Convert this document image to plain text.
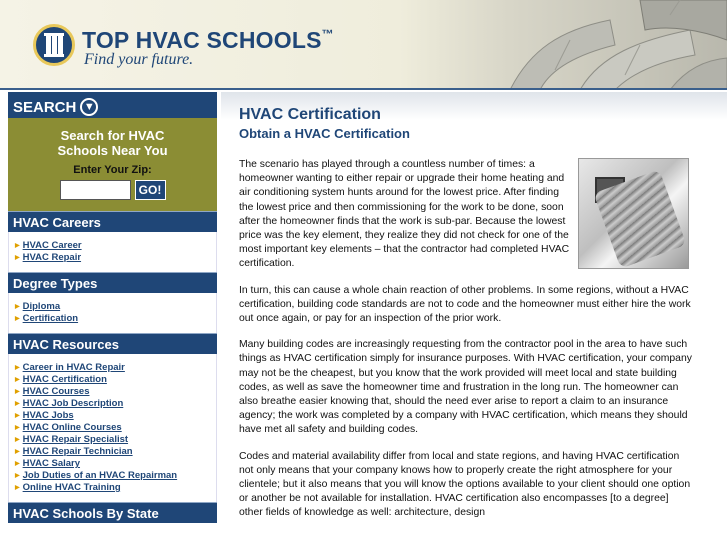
TOP HVAC SCHOOLS™
Find your future.
SEARCH ▼
Search for HVAC
Schools Near You
Enter Your Zip:
GO!
HVAC Careers
▶ HVAC Career
▶ HVAC Repair
Degree Types
▶ Diploma
▶ Certification
HVAC Resources
▶ Career in HVAC Repair
▶ HVAC Certification
▶ HVAC Courses
▶ HVAC Job Description
▶ HVAC Jobs
▶ HVAC Online Courses
▶ HVAC Repair Specialist
▶ HVAC Repair Technician
▶ HVAC Salary
▶ Job Duties of an HVAC Repairman
▶ Online HVAC Training
HVAC Schools By State
HVAC Certification
Obtain a HVAC Certification

The scenario has played through a countless number of times: a homeowner wanting to either repair or upgrade their home heating and air conditioning system hunts around for the lowest price. After finding the lowest price and then commissioning for the work to be done, soon after the homeowner finds that the work is sub-par. Because the lowest price was the key element, they realize they did not check for one of the most important key elements – that the contractor had completed HVAC certification.

In turn, this can cause a whole chain reaction of other problems. In some regions, without a HVAC certification, building code standards are not to code and the homeowner must either hire the work out once again, or pay for an inspection of the prior work.

Many building codes are increasingly requesting from the contractor pool in the area to have such things as HVAC certification simply for insurance purposes. With HVAC certification, your company may not be the cheapest, but you know that the work provided will meet local and state building codes, as well as save the homeowner time and frustration in the long run. The homeowner can also breathe easier knowing that, should the need ever arise to report a claim to an insurance agency; the work was completed by a company with HVAC certification, which means they should have met all safety and building codes.

Codes and material availability differ from local and state regions, and having HVAC certification not only means that your company knows how to properly create the right atmosphere for your clientele; but it also means that you will know the options available to your client should one option or another be not available for installation. HVAC certification also encompasses [to a degree] other fields of knowledge as well: architecture, design
